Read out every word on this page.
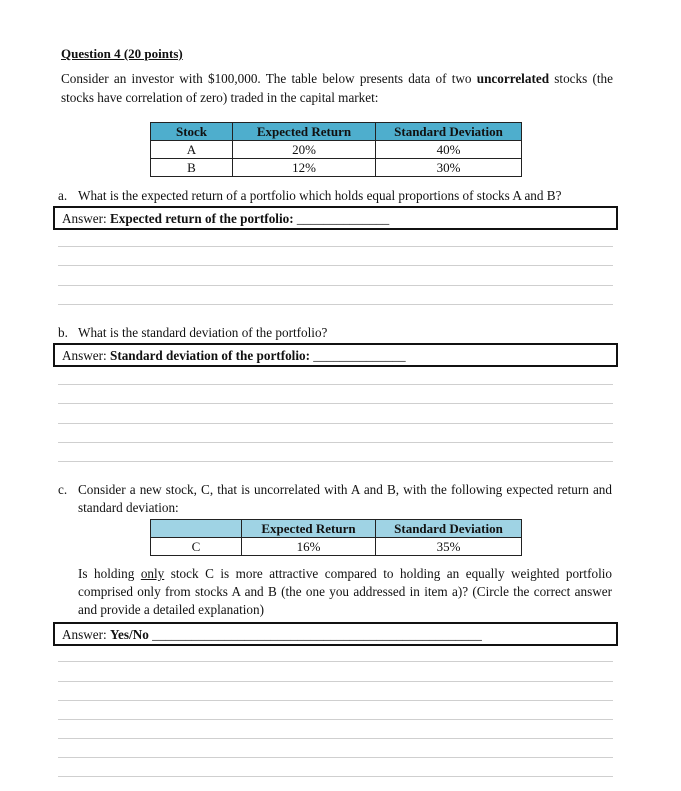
Question 4 (20 points)
Consider an investor with $100,000. The table below presents data of two uncorrelated stocks (the stocks have correlation of zero) traded in the capital market:
Stock	Expected Return	Standard Deviation
A	20%	40%
B	12%	30%
a. What is the expected return of a portfolio which holds equal proportions of stocks A and B?
Answer: Expected return of the portfolio: ______________
b. What is the standard deviation of the portfolio?
Answer: Standard deviation of the portfolio: ______________
c. Consider a new stock, C, that is uncorrelated with A and B, with the following expected return and standard deviation:
	Expected Return	Standard Deviation
C	16%	35%
Is holding only stock C is more attractive compared to holding an equally weighted portfolio comprised only from stocks A and B (the one you addressed in item a)? (Circle the correct answer and provide a detailed explanation)
Answer: Yes/No __________________________________________________
